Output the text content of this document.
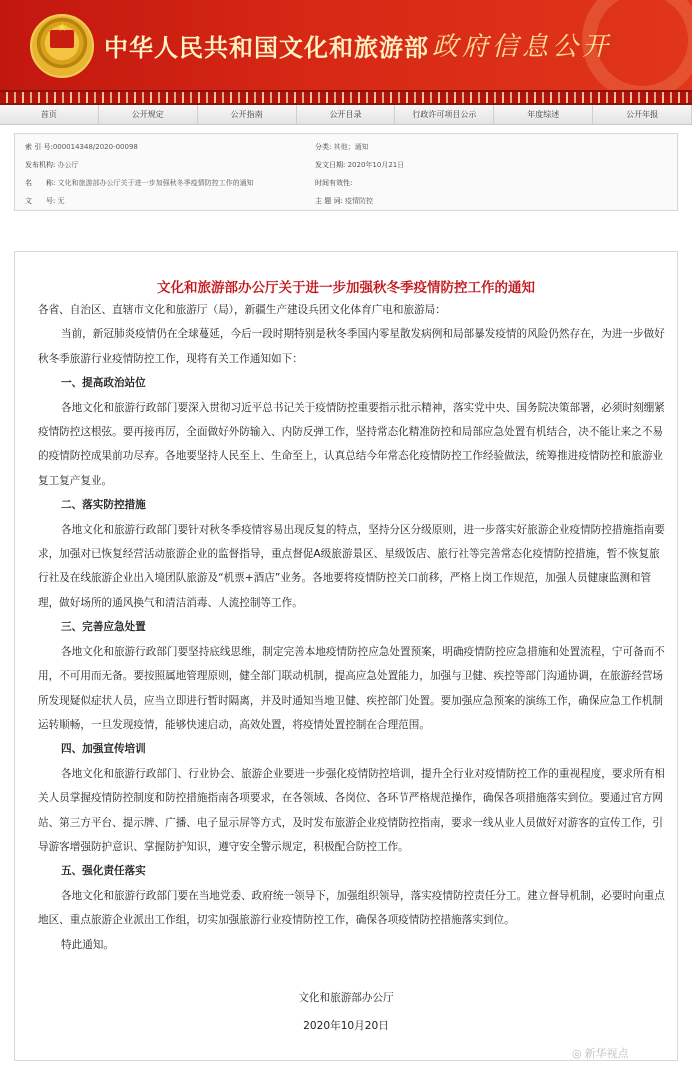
★
中华人民共和国文化和旅游部 政府信息公开
首页	公开规定	公开指南	公开目录	行政许可项目公示	年度综述	公开年报
索 引 号:000014348/2020-00098	分类: 其他；通知
发布机构: 办公厅	发文日期: 2020年10月21日
名　　称: 文化和旅游部办公厅关于进一步加强秋冬季疫情防控工作的通知	时间有效性:
文　　号: 无	主 题 词: 疫情防控
文化和旅游部办公厅关于进一步加强秋冬季疫情防控工作的通知

各省、自治区、直辖市文化和旅游厅（局），新疆生产建设兵团文化体育广电和旅游局：

当前，新冠肺炎疫情仍在全球蔓延，今后一段时期特别是秋冬季国内零星散发病例和局部暴发疫情的风险仍然存在，为进一步做好秋冬季旅游行业疫情防控工作，现将有关工作通知如下：

一、提高政治站位

各地文化和旅游行政部门要深入贯彻习近平总书记关于疫情防控重要指示批示精神，落实党中央、国务院决策部署，必须时刻绷紧疫情防控这根弦。要再接再厉，全面做好外防输入、内防反弹工作，坚持常态化精准防控和局部应急处置有机结合，决不能让来之不易的疫情防控成果前功尽弃。各地要坚持人民至上、生命至上，认真总结今年常态化疫情防控工作经验做法，统筹推进疫情防控和旅游业复工复产复业。

二、落实防控措施

各地文化和旅游行政部门要针对秋冬季疫情容易出现反复的特点，坚持分区分级原则，进一步落实好旅游企业疫情防控措施指南要求，加强对已恢复经营活动旅游企业的监督指导，重点督促A级旅游景区、星级饭店、旅行社等完善常态化疫情防控措施，暂不恢复旅行社及在线旅游企业出入境团队旅游及“机票+酒店”业务。各地要将疫情防控关口前移，严格上岗工作规范，加强人员健康监测和管理，做好场所的通风换气和清洁消毒、人流控制等工作。

三、完善应急处置

各地文化和旅游行政部门要坚持底线思维，制定完善本地疫情防控应急处置预案，明确疫情防控应急措施和处置流程，宁可备而不用，不可用而无备。要按照属地管理原则，健全部门联动机制，提高应急处置能力，加强与卫健、疾控等部门沟通协调，在旅游经营场所发现疑似症状人员，应当立即进行暂时隔离，并及时通知当地卫健、疾控部门处置。要加强应急预案的演练工作，确保应急工作机制运转顺畅，一旦发现疫情，能够快速启动，高效处置，将疫情处置控制在合理范围。

四、加强宣传培训

各地文化和旅游行政部门、行业协会、旅游企业要进一步强化疫情防控培训，提升全行业对疫情防控工作的重视程度，要求所有相关人员掌握疫情防控制度和防控措施指南各项要求，在各领域、各岗位、各环节严格规范操作，确保各项措施落实到位。要通过官方网站、第三方平台、提示牌、广播、电子显示屏等方式，及时发布旅游企业疫情防控指南，要求一线从业人员做好对游客的宣传工作，引导游客增强防护意识、掌握防护知识，遵守安全警示规定，积极配合防控工作。

五、强化责任落实

各地文化和旅游行政部门要在当地党委、政府统一领导下，加强组织领导，落实疫情防控责任分工。建立督导机制，必要时向重点地区、重点旅游企业派出工作组，切实加强旅游行业疫情防控工作，确保各项疫情防控措施落实到位。

特此通知。

文化和旅游部办公厅
2020年10月20日
◎ 新华视点
